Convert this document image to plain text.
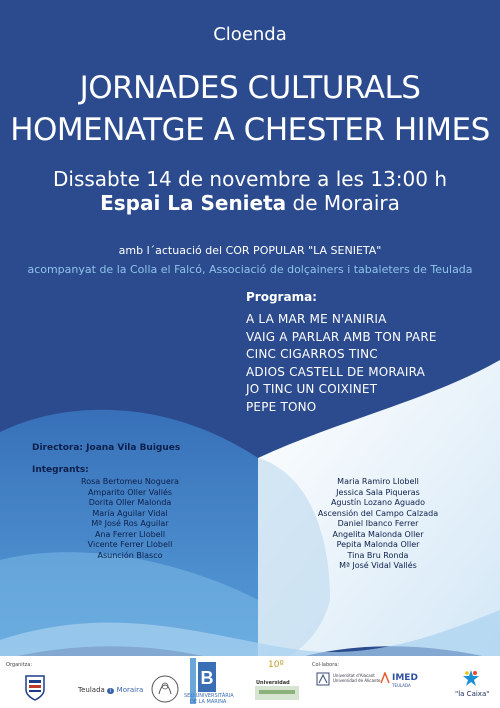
Cloenda
JORNADES CULTURALS
HOMENATGE A CHESTER HIMES
Dissabte 14 de novembre a les 13:00 h
Espai La Senieta de Moraira
amb l´actuació del COR POPULAR "LA SENIETA"
acompanyat de la Colla el Falcó, Associació de dolçainers i tabaleters de Teulada
Programa:
A LA MAR ME N'ANIRIA
VAIG A PARLAR AMB TON PARE
CINC CIGARROS TINC
ADIOS CASTELL DE MORAIRA
JO TINC UN COIXINET
PEPE TONO
Directora: Joana Vila Buigues
Integrants:
Rosa Bertomeu Noguera
Amparito Oller Vallés
Dorita Oller Malonda
María Aguilar Vidal
Mª José Ros Aguilar
Ana Ferrer Llobell
Vicente Ferrer Llobell
Asunción Blasco
Maria Ramiro Llobell
Jessica Sala Piqueras
Agustín Lozano Aguado
Ascensión del Campo Calzada
Daniel Ibanco Ferrer
Angelita Malonda Oller
Pepita Malonda Oller
Tina Bru Ronda
Mª José Vidal Vallés
Organitza:	Col·labora:
Teulada i Moraira
B
SEU UNIVERSITÀRIA
DE LA MARINA
10º
Universidad
Universitat d'Alacant
Universidad de Alicante IMED
TEULADA
"la Caixa"
